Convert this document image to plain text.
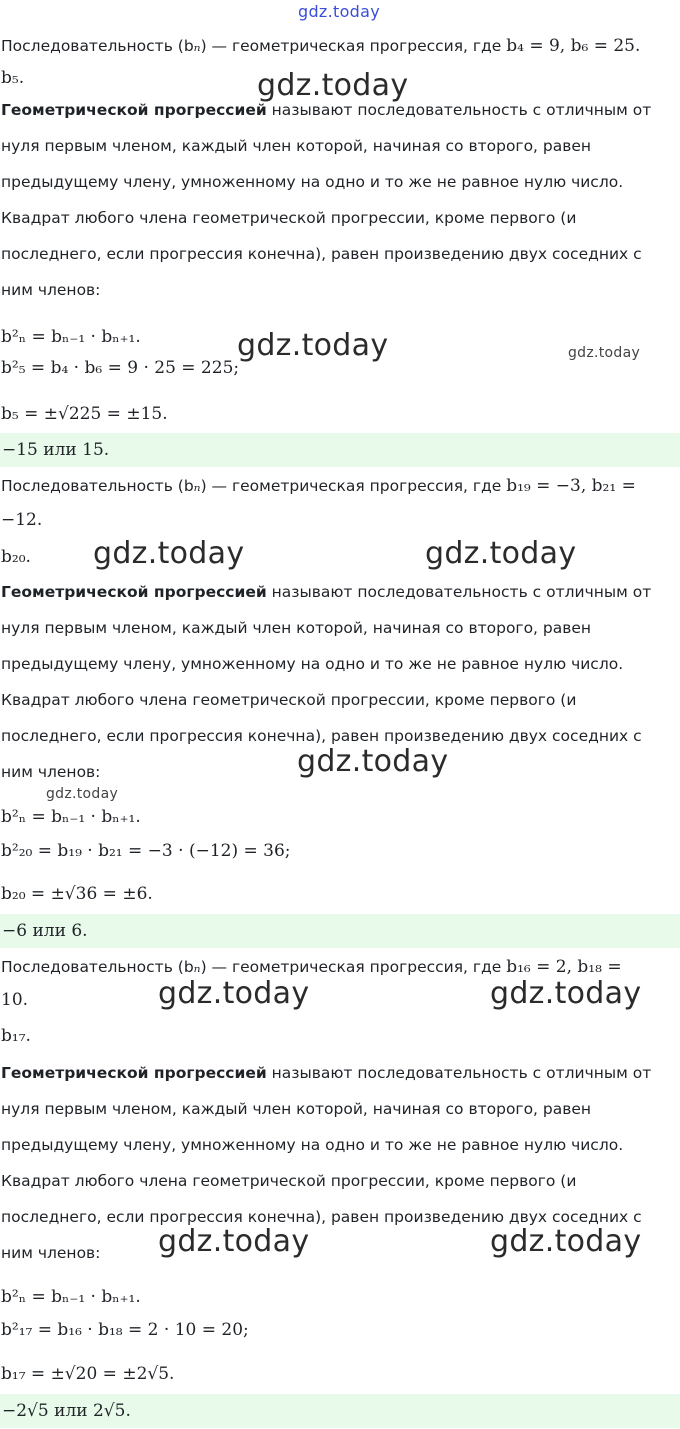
gdz.today
gdz.today
gdz.today	gdz.today
gdz.today	gdz.today
gdz.today
gdz.today
gdz.today	gdz.today
gdz.today	gdz.today
Последовательность (bₙ) — геометрическая прогрессия, где b₄ = 9, b₆ = 25.
b₅.
Геометрической прогрессией называют последовательность с отличным от
нуля первым членом, каждый член которой, начиная со второго, равен
предыдущему члену, умноженному на одно и то же не равное нулю число.
Квадрат любого члена геометрической прогрессии, кроме первого (и
последнего, если прогрессия конечна), равен произведению двух соседних с
ним членов:
b²ₙ = bₙ₋₁ · bₙ₊₁.
b²₅ = b₄ · b₆ = 9 · 25 = 225;
b₅ = ±√225 = ±15.
−15 или 15.
Последовательность (bₙ) — геометрическая прогрессия, где b₁₉ = −3, b₂₁ =
−12.
b₂₀.
Геометрической прогрессией называют последовательность с отличным от
нуля первым членом, каждый член которой, начиная со второго, равен
предыдущему члену, умноженному на одно и то же не равное нулю число.
Квадрат любого члена геометрической прогрессии, кроме первого (и
последнего, если прогрессия конечна), равен произведению двух соседних с
ним членов:
b²ₙ = bₙ₋₁ · bₙ₊₁.
b²₂₀ = b₁₉ · b₂₁ = −3 · (−12) = 36;
b₂₀ = ±√36 = ±6.
−6 или 6.
Последовательность (bₙ) — геометрическая прогрессия, где b₁₆ = 2, b₁₈ =
10.
b₁₇.
Геометрической прогрессией называют последовательность с отличным от
нуля первым членом, каждый член которой, начиная со второго, равен
предыдущему члену, умноженному на одно и то же не равное нулю число.
Квадрат любого члена геометрической прогрессии, кроме первого (и
последнего, если прогрессия конечна), равен произведению двух соседних с
ним членов:
b²ₙ = bₙ₋₁ · bₙ₊₁.
b²₁₇ = b₁₆ · b₁₈ = 2 · 10 = 20;
b₁₇ = ±√20 = ±2√5.
−2√5 или 2√5.
